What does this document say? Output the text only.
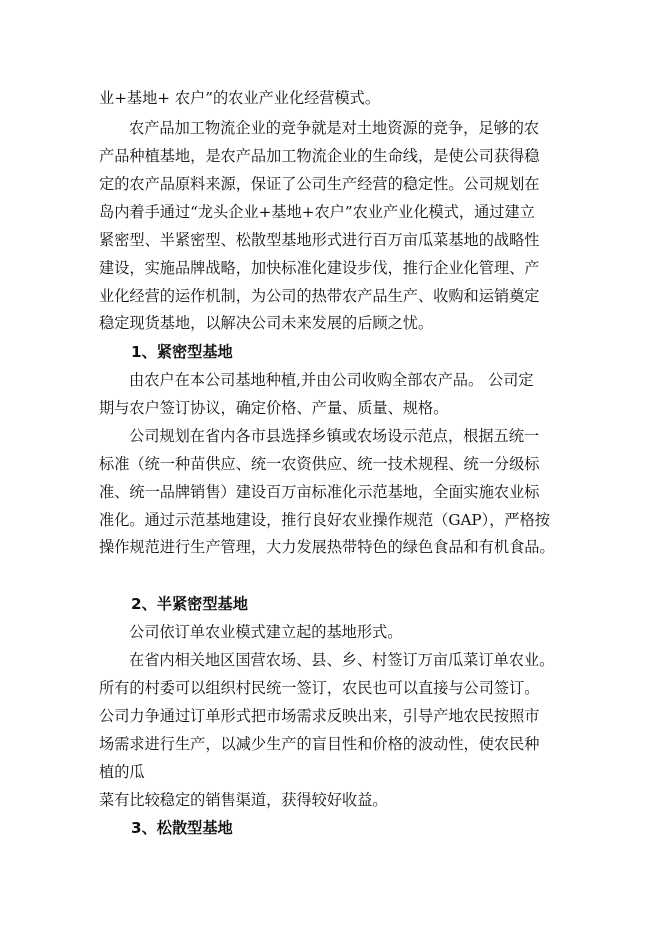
业+基地+ 农户”的农业产业化经营模式。
农产品加工物流企业的竞争就是对土地资源的竞争，足够的农
产品种植基地，是农产品加工物流企业的生命线，是使公司获得稳
定的农产品原料来源，保证了公司生产经营的稳定性。公司规划在
岛内着手通过“龙头企业+基地+农户”农业产业化模式，通过建立
紧密型、半紧密型、松散型基地形式进行百万亩瓜菜基地的战略性
建设，实施品牌战略，加快标准化建设步伐，推行企业化管理、产
业化经营的运作机制，为公司的热带农产品生产、收购和运销奠定
稳定现货基地，以解决公司未来发展的后顾之忧。
1、紧密型基地
由农户在本公司基地种植,并由公司收购全部农产品。 公司定
期与农户签订协议，确定价格、产量、质量、规格。
公司规划在省内各市县选择乡镇或农场设示范点，根据五统一
标准（统一种苗供应、统一农资供应、统一技术规程、统一分级标
准、统一品牌销售）建设百万亩标准化示范基地，全面实施农业标
准化。通过示范基地建设，推行良好农业操作规范（GAP），严格按
操作规范进行生产管理，大力发展热带特色的绿色食品和有机食品。
2、半紧密型基地
公司依订单农业模式建立起的基地形式。
在省内相关地区国营农场、县、乡、村签订万亩瓜菜订单农业。
所有的村委可以组织村民统一签订，农民也可以直接与公司签订。
公司力争通过订单形式把市场需求反映出来，引导产地农民按照市
场需求进行生产，以减少生产的盲目性和价格的波动性，使农民种
植的瓜
菜有比较稳定的销售渠道，获得较好收益。
3、松散型基地
